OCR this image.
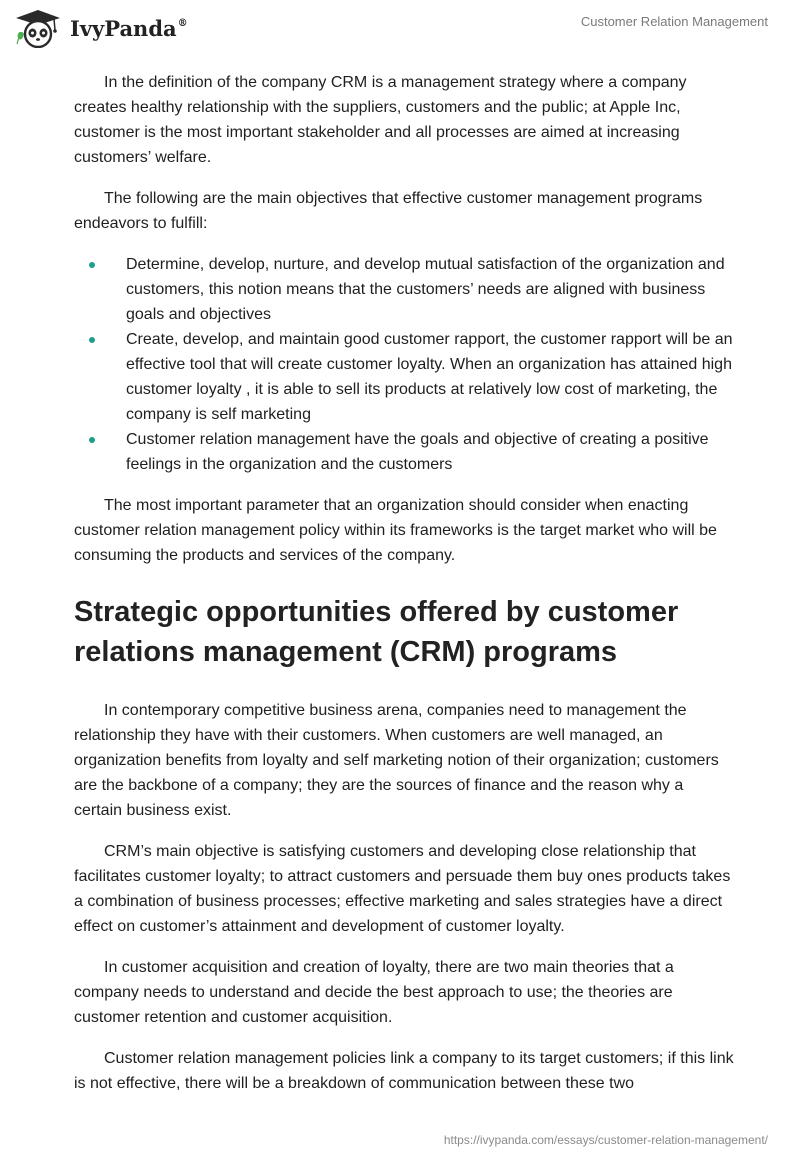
IvyPanda®	Customer Relation Management

In the definition of the company CRM is a management strategy where a company creates healthy relationship with the suppliers, customers and the public; at Apple Inc, customer is the most important stakeholder and all processes are aimed at increasing customers’ welfare.

The following are the main objectives that effective customer management programs endeavors to fulfill:

Determine, develop, nurture, and develop mutual satisfaction of the organization and customers, this notion means that the customers’ needs are aligned with business goals and objectives
Create, develop, and maintain good customer rapport, the customer rapport will be an effective tool that will create customer loyalty. When an organization has attained high customer loyalty , it is able to sell its products at relatively low cost of marketing, the company is self marketing
Customer relation management have the goals and objective of creating a positive feelings in the organization and the customers

The most important parameter that an organization should consider when enacting customer relation management policy within its frameworks is the target market who will be consuming the products and services of the company.

Strategic opportunities offered by customer relations management (CRM) programs

In contemporary competitive business arena, companies need to management the relationship they have with their customers. When customers are well managed, an organization benefits from loyalty and self marketing notion of their organization; customers are the backbone of a company; they are the sources of finance and the reason why a certain business exist.

CRM’s main objective is satisfying customers and developing close relationship that facilitates customer loyalty; to attract customers and persuade them buy ones products takes a combination of business processes; effective marketing and sales strategies have a direct effect on customer’s attainment and development of customer loyalty.

In customer acquisition and creation of loyalty, there are two main theories that a company needs to understand and decide the best approach to use; the theories are customer retention and customer acquisition.

Customer relation management policies link a company to its target customers; if this link is not effective, there will be a breakdown of communication between these two

https://ivypanda.com/essays/customer-relation-management/
